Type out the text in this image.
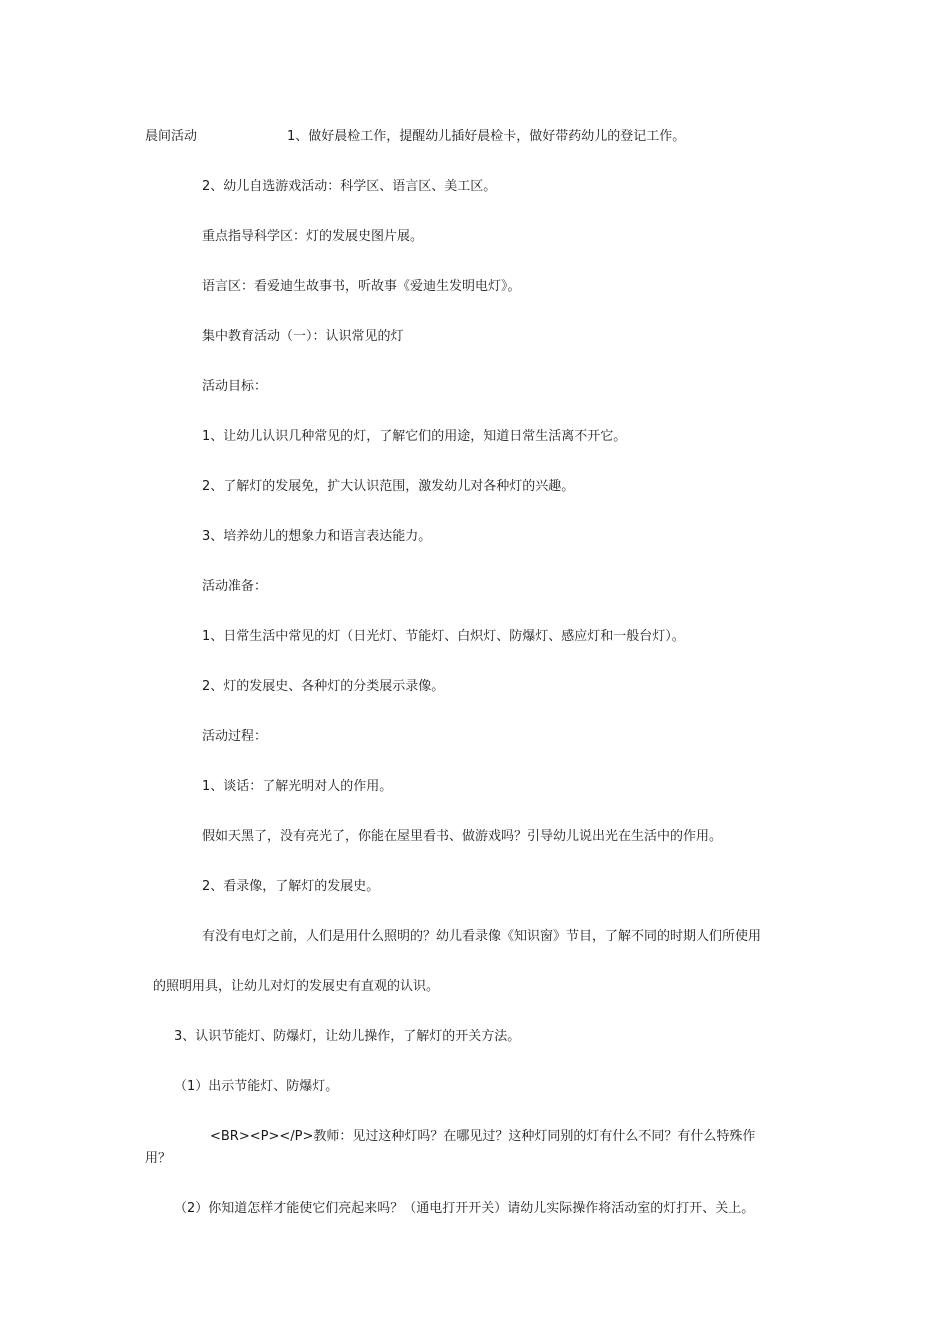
晨间活动	1、做好晨检工作，提醒幼儿插好晨检卡，做好带药幼儿的登记工作。
2、幼儿自选游戏活动：科学区、语言区、美工区。
重点指导科学区：灯的发展史图片展。
语言区：看爱迪生故事书，听故事《爱迪生发明电灯》。
集中教育活动（一）：认识常见的灯
活动目标：
1、让幼儿认识几种常见的灯，了解它们的用途，知道日常生活离不开它。
2、了解灯的发展免，扩大认识范围，激发幼儿对各种灯的兴趣。
3、培养幼儿的想象力和语言表达能力。
活动准备：
1、日常生活中常见的灯（日光灯、节能灯、白炽灯、防爆灯、感应灯和一般台灯）。
2、灯的发展史、各种灯的分类展示录像。
活动过程：
1、谈话：了解光明对人的作用。
假如天黑了，没有亮光了，你能在屋里看书、做游戏吗？引导幼儿说出光在生活中的作用。
2、看录像，了解灯的发展史。
有没有电灯之前，人们是用什么照明的？幼儿看录像《知识窗》节目，了解不同的时期人们所使用
的照明用具，让幼儿对灯的发展史有直观的认识。
3、认识节能灯、防爆灯，让幼儿操作，了解灯的开关方法。
（1）出示节能灯、防爆灯。
<BR><P></P>教师：见过这种灯吗？在哪见过？这种灯同别的灯有什么不同？有什么特殊作
用？
（2）你知道怎样才能使它们亮起来吗？（通电打开开关）请幼儿实际操作将活动室的灯打开、关上。
